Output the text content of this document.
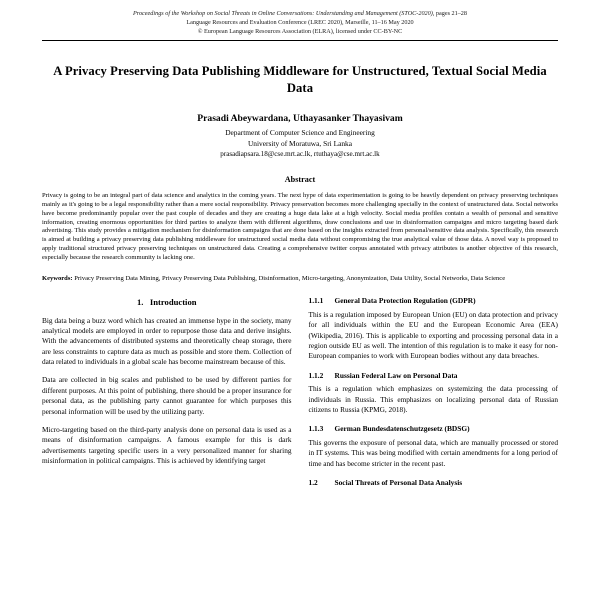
Proceedings of the Workshop on Social Threats in Online Conversations: Understanding and Management (STOC-2020), pages 21–28
Language Resources and Evaluation Conference (LREC 2020), Marseille, 11–16 May 2020
© European Language Resources Association (ELRA), licensed under CC-BY-NC
A Privacy Preserving Data Publishing Middleware for Unstructured, Textual Social Media Data
Prasadi Abeywardana, Uthayasanker Thayasivam
Department of Computer Science and Engineering
University of Moratuwa, Sri Lanka
prasadiapsara.18@cse.mrt.ac.lk, rtuthaya@cse.mrt.ac.lk
Abstract
Privacy is going to be an integral part of data science and analytics in the coming years. The next hype of data experimentation is going to be heavily dependent on privacy preserving techniques mainly as it's going to be a legal responsibility rather than a mere social responsibility. Privacy preservation becomes more challenging specially in the context of unstructured data. Social networks have become predominantly popular over the past couple of decades and they are creating a huge data lake at a high velocity. Social media profiles contain a wealth of personal and sensitive information, creating enormous opportunities for third parties to analyze them with different algorithms, draw conclusions and use in disinformation campaigns and micro targeting based dark advertising. This study provides a mitigation mechanism for disinformation campaigns that are done based on the insights extracted from personal/sensitive data analysis. Specifically, this research is aimed at building a privacy preserving data publishing middleware for unstructured social media data without compromising the true analytical value of those data. A novel way is proposed to apply traditional structured privacy preserving techniques on unstructured data. Creating a comprehensive twitter corpus annotated with privacy attributes is another objective of this research, especially because the research community is lacking one.
Keywords: Privacy Preserving Data Mining, Privacy Preserving Data Publishing, Disinformation, Micro-targeting, Anonymization, Data Utility, Social Networks, Data Science
1. Introduction

Big data being a buzz word which has created an immense hype in the society, many analytical models are employed in order to repurpose those data and derive insights. With the advancements of distributed systems and theoretically cheap storage, there are less constraints to capture data as much as possible and store them. Collection of data related to individuals in a global scale has become mainstream because of this.

Data are collected in big scales and published to be used by different parties for different purposes. At this point of publishing, there should be a proper insurance for personal data, as the publishing party cannot guarantee for which purposes this personal information will be used by the utilizing party.

Micro-targeting based on the third-party analysis done on personal data is used as a means of disinformation campaigns. A famous example for this is dark advertisements targeting specific users in a very personalized manner for sharing misinformation in political campaigns. This is achieved by identifying target

1.1.1 General Data Protection Regulation (GDPR)

This is a regulation imposed by European Union (EU) on data protection and privacy for all individuals within the EU and the European Economic Area (EEA) (Wikipedia, 2016). This is applicable to exporting and processing personal data in a region outside EU as well. The intention of this regulation is to make it easy for non-European companies to work with European bodies without any data breaches.

1.1.2 Russian Federal Law on Personal Data

This is a regulation which emphasizes on systemizing the data processing of individuals in Russia. This emphasizes on localizing personal data of Russian citizens to Russia (KPMG, 2018).

1.1.3 German Bundesdatenschutzgesetz (BDSG)

This governs the exposure of personal data, which are manually processed or stored in IT systems. This was being modified with certain amendments for a long period of time and has become stricter in the recent past.

1.2 Social Threats of Personal Data Analysis
